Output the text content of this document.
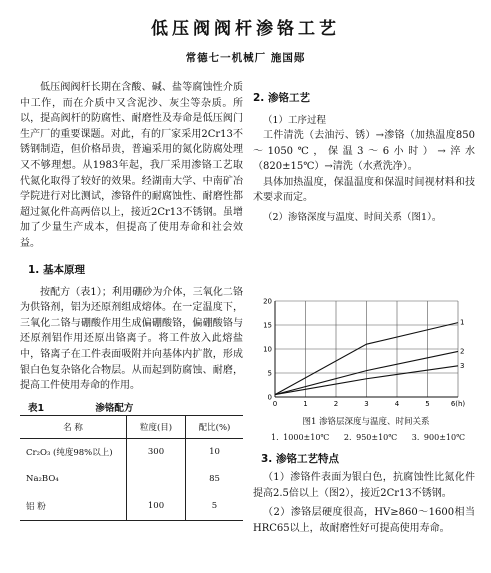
低压阀阀杆渗铬工艺
常德七一机械厂 施国郧

低压阀阀杆长期在含酸、碱、盐等腐蚀性介质中工作，而在介质中又含泥沙、灰尘等杂质。所以，提高阀杆的防腐性、耐磨性及寿命是低压阀门生产厂的重要课题。对此，有的厂家采用2Cr13不锈钢制造，但价格昂贵，普遍采用的氮化防腐处理又不够理想。从1983年起，我厂采用渗铬工艺取代氮化取得了较好的效果。经湖南大学、中南矿冶学院进行对比测试，渗铬件的耐腐蚀性、耐磨性都超过氮化件高两倍以上，接近2Cr13不锈钢。虽增加了少量生产成本，但提高了使用寿命和社会效益。

1. 基本原理

按配方（表1）；利用硼砂为介体，三氧化二铬为供铬剂，铝为还原剂组成熔体。在一定温度下，三氧化二铬与硼酸作用生成偏硼酸铬，偏硼酸铬与还原剂铝作用还原出铬离子。将工件放入此熔盐中，铬离子在工件表面吸附并向基体内扩散，形成银白色复杂铬化合物层。从而起到防腐蚀、耐磨，提高工件使用寿命的作用。

表1	渗铬配方
名 称	粒度(目)	配比(%)
Cr₂O₃ (纯度98%以上)	300	10
Na₂BO₄		85
铝 粉	100	5
2. 渗铬工艺
（1）工序过程

工件清洗（去油污、锈）→渗铬（加热温度850～1050℃，保温3～6小时）→淬水（820±15℃）→清洗（水煮洗净）。

具体加热温度，保温温度和保温时间视材料和技术要求而定。

（2）渗铬深度与温度、时间关系（图1）。
0	1	2	3	4	5	6(h)
0
5
10
15
20
1
2
3
图1 渗铬层深度与温度、时间关系
1. 1000±10℃ 2. 950±10℃ 3. 900±10℃
3. 渗铬工艺特点

（1）渗铬件表面为银白色，抗腐蚀性比氮化件提高2.5倍以上（图2），接近2Cr13不锈钢。

（2）渗铬层硬度很高，HV≥860～1600相当HRC65以上，故耐磨性好可提高使用寿命。
